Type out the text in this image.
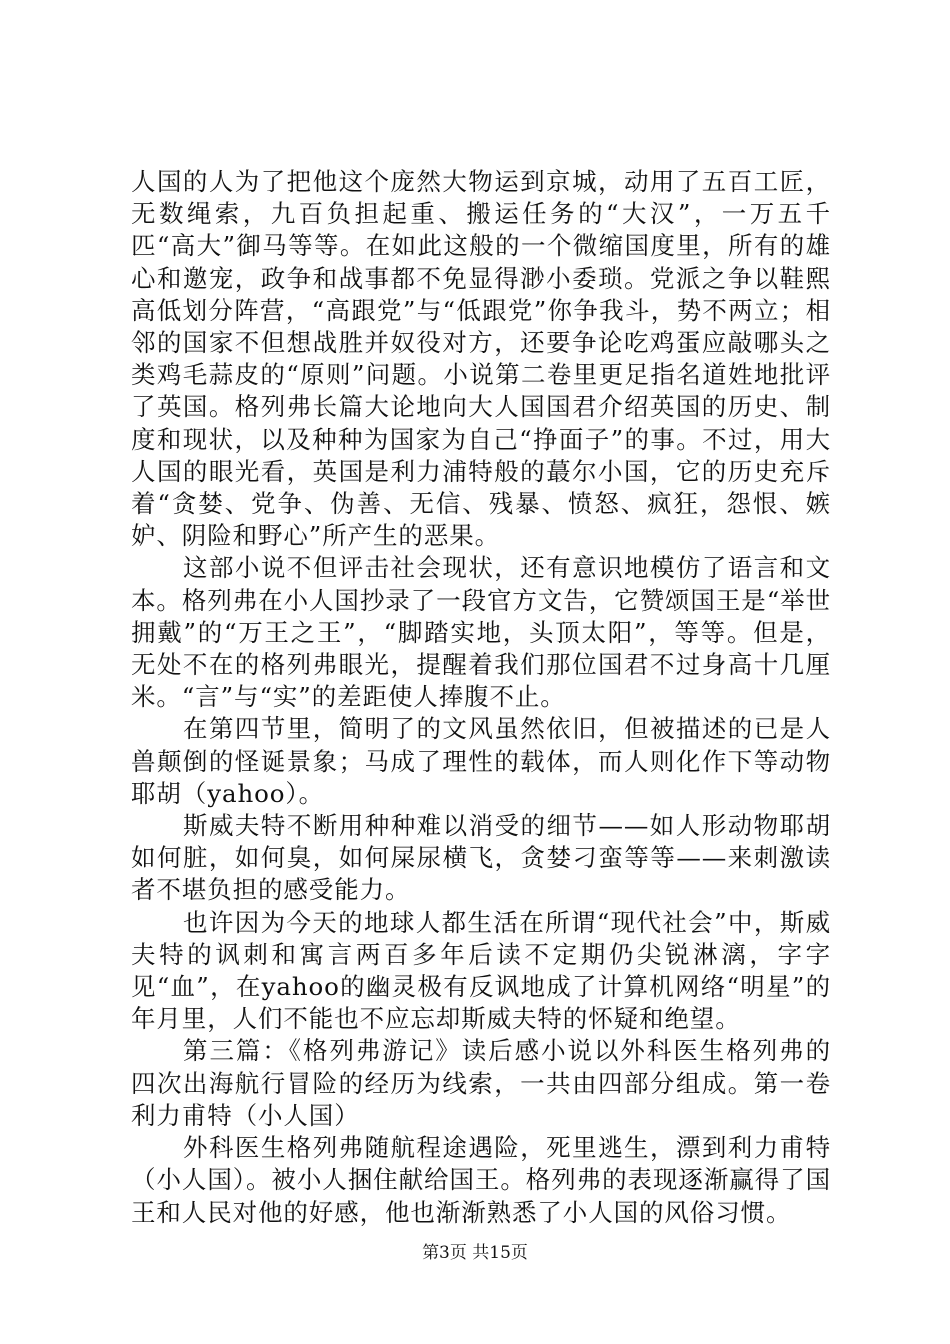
人国的人为了把他这个庞然大物运到京城，动用了五百工匠，无数绳索，九百负担起重、搬运任务的“大汉”，一万五千匹“高大”御马等等。在如此这般的一个微缩国度里，所有的雄心和邀宠，政争和战事都不免显得渺小委琐。党派之争以鞋熙高低划分阵营，“高跟党”与“低跟党”你争我斗，势不两立；相邻的国家不但想战胜并奴役对方，还要争论吃鸡蛋应敲哪头之类鸡毛蒜皮的“原则”问题。小说第二卷里更足指名道姓地批评了英国。格列弗长篇大论地向大人国国君介绍英国的历史、制度和现状，以及种种为国家为自己“挣面子”的事。不过，用大人国的眼光看，英国是利力浦特般的蕞尔小国，它的历史充斥着“贪婪、党争、伪善、无信、残暴、愤怒、疯狂，怨恨、嫉妒、阴险和野心”所产生的恶果。

这部小说不但评击社会现状，还有意识地模仿了语言和文本。格列弗在小人国抄录了一段官方文告，它赞颂国王是“举世拥戴”的“万王之王”，“脚踏实地，头顶太阳”，等等。但是，无处不在的格列弗眼光，提醒着我们那位国君不过身高十几厘米。“言”与“实”的差距使人捧腹不止。

在第四节里，简明了的文风虽然依旧，但被描述的已是人兽颠倒的怪诞景象；马成了理性的载体，而人则化作下等动物耶胡（yahoo）。

斯威夫特不断用种种难以消受的细节——如人形动物耶胡如何脏，如何臭，如何屎尿横飞，贪婪刁蛮等等——来刺激读者不堪负担的感受能力。

也许因为今天的地球人都生活在所谓“现代社会”中，斯威夫特的讽刺和寓言两百多年后读不定期仍尖锐淋漓，字字见“血”，在yahoo的幽灵极有反讽地成了计算机网络“明星”的年月里，人们不能也不应忘却斯威夫特的怀疑和绝望。

第三篇：《格列弗游记》读后感小说以外科医生格列弗的四次出海航行冒险的经历为线索，一共由四部分组成。第一卷利力甫特（小人国）

外科医生格列弗随航程途遇险，死里逃生，漂到利力甫特（小人国）。被小人捆住献给国王。格列弗的表现逐渐赢得了国王和人民对他的好感，他也渐渐熟悉了小人国的风俗习惯。

第3页 共15页
